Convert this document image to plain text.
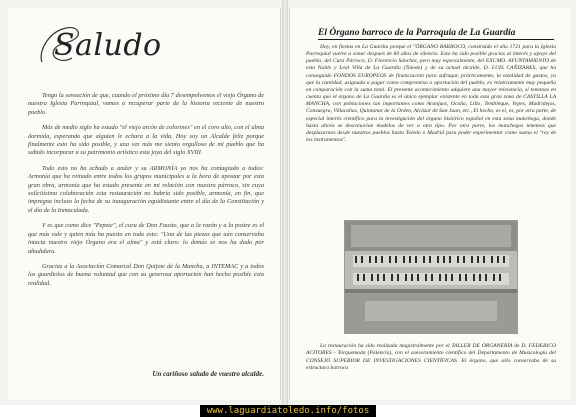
Saludo

Tengo la sensación de que, cuando el próximo día 7 desempolvemos el viejo Órgano de nuestra Iglesia Parroquial, vamos a recuperar parte de la historia reciente de nuestro pueblo.

Más de medio siglo ha estado "el viejo arcón de colorines" en el coro alto, con el alma dormida, esperando que alguien le echara a la vida. Hoy soy un Alcalde feliz porque finalmente esto ha sido posible, y una vez más me siento orgulloso de mi pueblo que ha sabido incorporar a su patrimonio artístico esta joya del siglo XVIII.

Todo esto no ha echado a andar y su ARMONÍA ya nos ha contagiado a todos: Armonía que ha reinado entre todos los grupos municipales a la hora de apostar por esta gran obra, armonía que ha estado presente en mi relación con nuestro párroco, sin cuya solícitísima colaboración esta restauración no habría sido posible, armonía, en fin, que impregna incluso la fecha de su inauguración equidistante entre el día de la Constitución y el día de la Inmaculada.

Y es que como dice "Pepete", el cura de Don Fausto, que a la razón y a la postre es el que más vale y quien más ha puesto en todo esto: "Una de las piezas que aún conservaba intacta nuestro viejo Órgano era el alma" y está claro: lo demás se nos ha dado por añadidura.

Gracias a la Asociación Comarcal Don Quijote de la Mancha, a INTEMAC y a todos los guardiolos de buena voluntad que con su generosa aportación han hecho posible esta realidad.

Un cariñoso saludo de vuestro alcalde.
El Órgano barroco de la Parroquia de La Guardia

Hoy, en fiestas en La Guardia porque el "ÓRGANO BARROCO, construido el año 1721 para la Iglesia Parroquial vuelve a sonar después de 60 años de silencio. Esto ha sido posible gracias al interés y apoyo del pueblo, del Cura Párroco, D. Florencio Sánchez, pero muy especialmente, del EXCMO. AYUNTAMIENTO de esta Noble y Leal Villa de La Guardia (Toledo) y de su actual alcalde, D. LUIS CAÑIZARES, que ha conseguido FONDOS EUROPEOS de financiación para sufragar, prácticamente, la totalidad de gastos, ya que la cantidad, asignada a pagar como compromiso o aportación del pueblo, es relativamente muy pequeña en comparación con la suma total. El presente acontecimiento adquiere una mayor relevancia, si tenemos en cuenta que el órgano de La Guardia es el único ejemplar existente en toda esta gran zona de CASTILLA LA MANCHA, con poblaciones tan importantes como Aranjuez, Ocaña, Lillo, Tembleque, Yepes, Madridejos, Consuegra, Villacañas, Quintanar de la Orden, Alcázar de San Juan, etc., El hecho, es el, es, por otra parte, de especial interés científico para la investigación del órgano histórico español en esta zona manchega, donde hasta ahora se desconocían modelos de ver a otro tipo. Por otra parte, los manchegos tenemos que desplazarnos desde nuestros pueblos hasta Toledo o Madrid para poder experimentar como suena el "rey de los instrumentos".

La restauración ha sido realizada magistralmente por el TALLER DE ORGANERÍA de D. FEDERICO ACITORES - Torquemada (Palencia), con el asesoramiento científico del Departamento de Musicología del CONSEJO SUPERIOR DE INVESTIGACIONES CIENTÍFICAS. El órgano, que sólo conservaba de su estructura barroca

www.laguardiatoledo.info/fotos
